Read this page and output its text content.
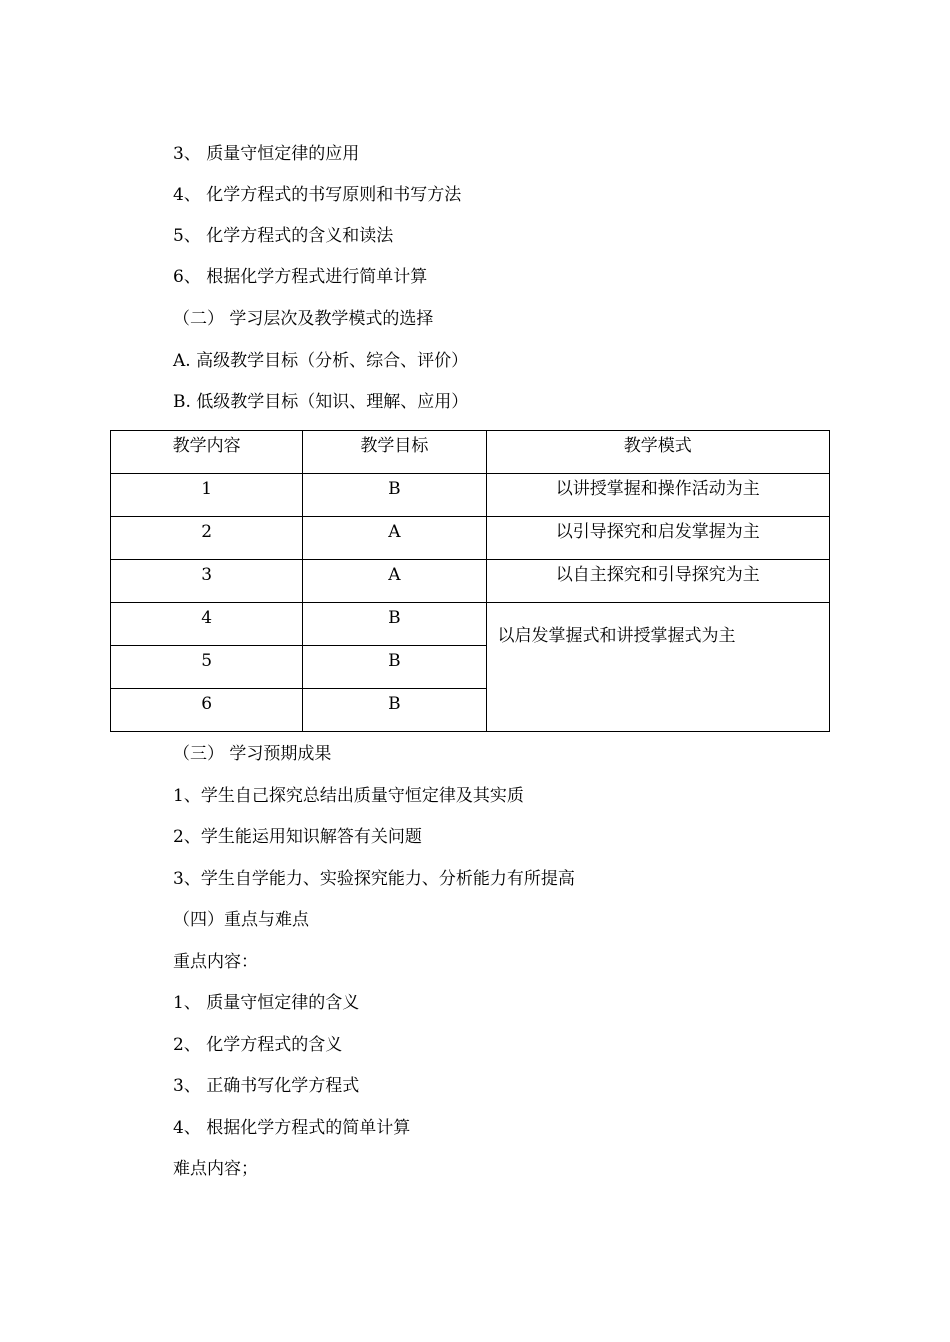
3、 质量守恒定律的应用
4、 化学方程式的书写原则和书写方法
5、 化学方程式的含义和读法
6、 根据化学方程式进行简单计算
（二） 学习层次及教学模式的选择
A. 高级教学目标（分析、综合、评价）
B. 低级教学目标（知识、理解、应用）
教学内容	教学目标	教学模式
1	B	以讲授掌握和操作活动为主
2	A	以引导探究和启发掌握为主
3	A	以自主探究和引导探究为主
4	B	以启发掌握式和讲授掌握式为主
5	B	
6	B	
（三） 学习预期成果
1、学生自己探究总结出质量守恒定律及其实质
2、学生能运用知识解答有关问题
3、学生自学能力、实验探究能力、分析能力有所提高
（四）重点与难点
重点内容：
1、 质量守恒定律的含义
2、 化学方程式的含义
3、 正确书写化学方程式
4、 根据化学方程式的简单计算
难点内容；
